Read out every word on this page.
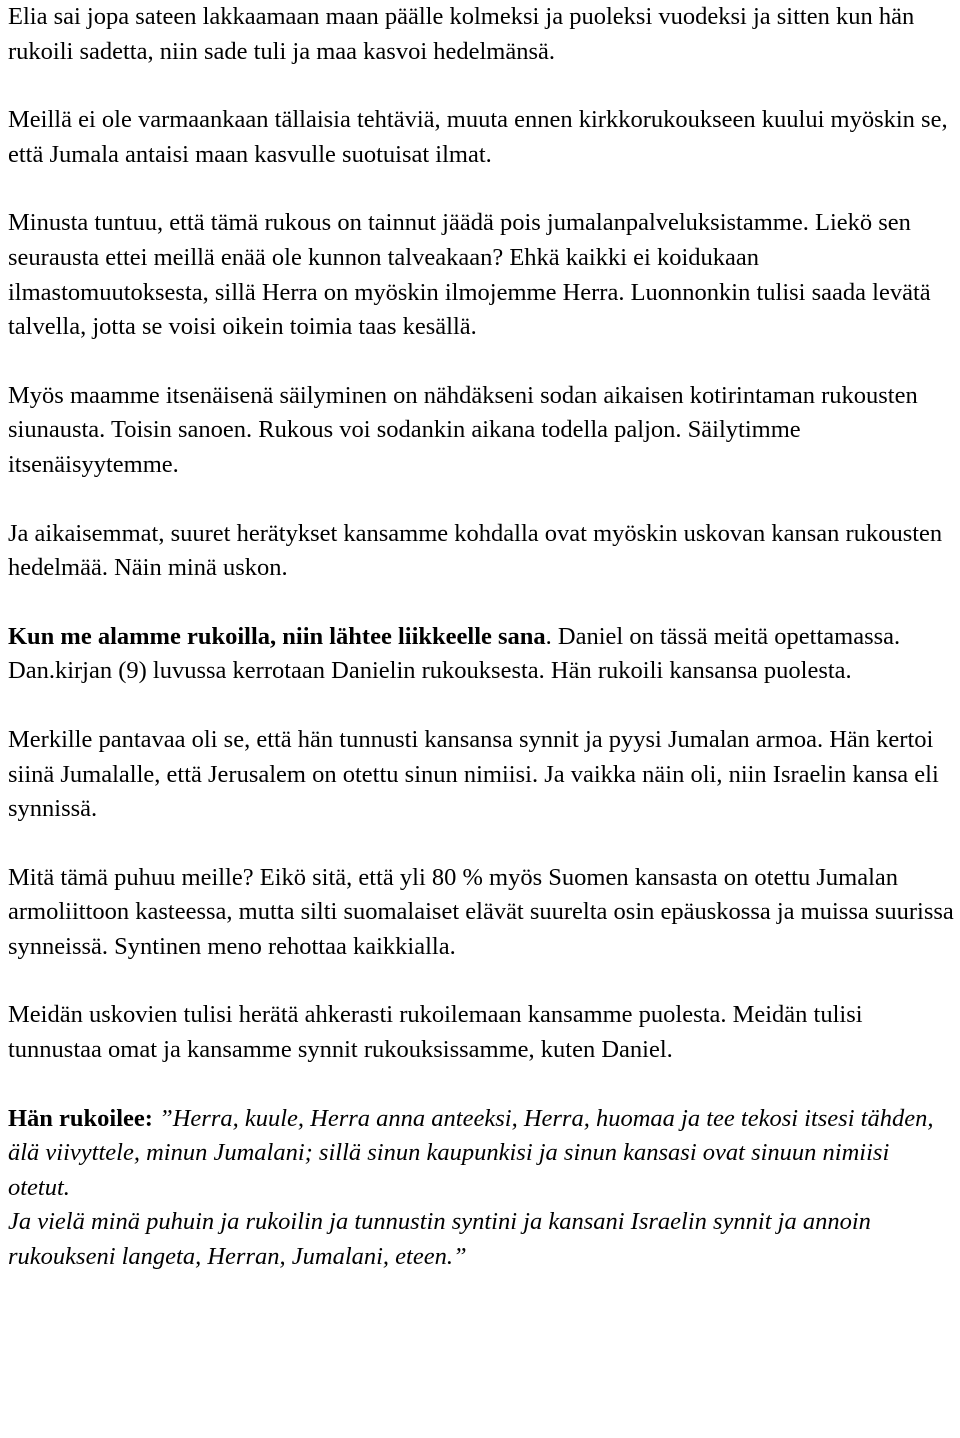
Elia sai jopa sateen lakkaamaan maan päälle kolmeksi ja puoleksi vuodeksi ja sitten kun hän rukoili sadetta, niin sade tuli ja maa kasvoi hedelmänsä.

Meillä ei ole varmaankaan tällaisia tehtäviä, muuta ennen kirkkorukoukseen kuului myöskin se, että Jumala antaisi maan kasvulle suotuisat ilmat.

Minusta tuntuu, että tämä rukous on tainnut jäädä pois jumalanpalveluksistamme. Liekö sen seurausta ettei meillä enää ole kunnon talveakaan? Ehkä kaikki ei koidukaan ilmastomuutoksesta, sillä Herra on myöskin ilmojemme Herra. Luonnonkin tulisi saada levätä talvella, jotta se voisi oikein toimia taas kesällä.

Myös maamme itsenäisenä säilyminen on nähdäkseni sodan aikaisen kotirintaman rukousten siunausta. Toisin sanoen. Rukous voi sodankin aikana todella paljon. Säilytimme itsenäisyytemme.

Ja aikaisemmat, suuret herätykset kansamme kohdalla ovat myöskin uskovan kansan rukousten hedelmää. Näin minä uskon.

Kun me alamme rukoilla, niin lähtee liikkeelle sana. Daniel on tässä meitä opettamassa. Dan.kirjan (9) luvussa kerrotaan Danielin rukouksesta. Hän rukoili kansansa puolesta.

Merkille pantavaa oli se, että hän tunnusti kansansa synnit ja pyysi Jumalan armoa. Hän kertoi siinä Jumalalle, että Jerusalem on otettu sinun nimiisi. Ja vaikka näin oli, niin Israelin kansa eli synnissä.

Mitä tämä puhuu meille? Eikö sitä, että yli 80 % myös Suomen kansasta on otettu Jumalan armoliittoon kasteessa, mutta silti suomalaiset elävät suurelta osin epäuskossa ja muissa suurissa synneissä. Syntinen meno rehottaa kaikkialla.

Meidän uskovien tulisi herätä ahkerasti rukoilemaan kansamme puolesta. Meidän tulisi tunnustaa omat ja kansamme synnit rukouksissamme, kuten Daniel.

Hän rukoilee: ”Herra, kuule, Herra anna anteeksi, Herra, huomaa ja tee tekosi itsesi tähden, älä viivyttele, minun Jumalani; sillä sinun kaupunkisi ja sinun kansasi ovat sinuun nimiisi otetut.
Ja vielä minä puhuin ja rukoilin ja tunnustin syntini ja kansani Israelin synnit ja annoin rukoukseni langeta, Herran, Jumalani, eteen.”
